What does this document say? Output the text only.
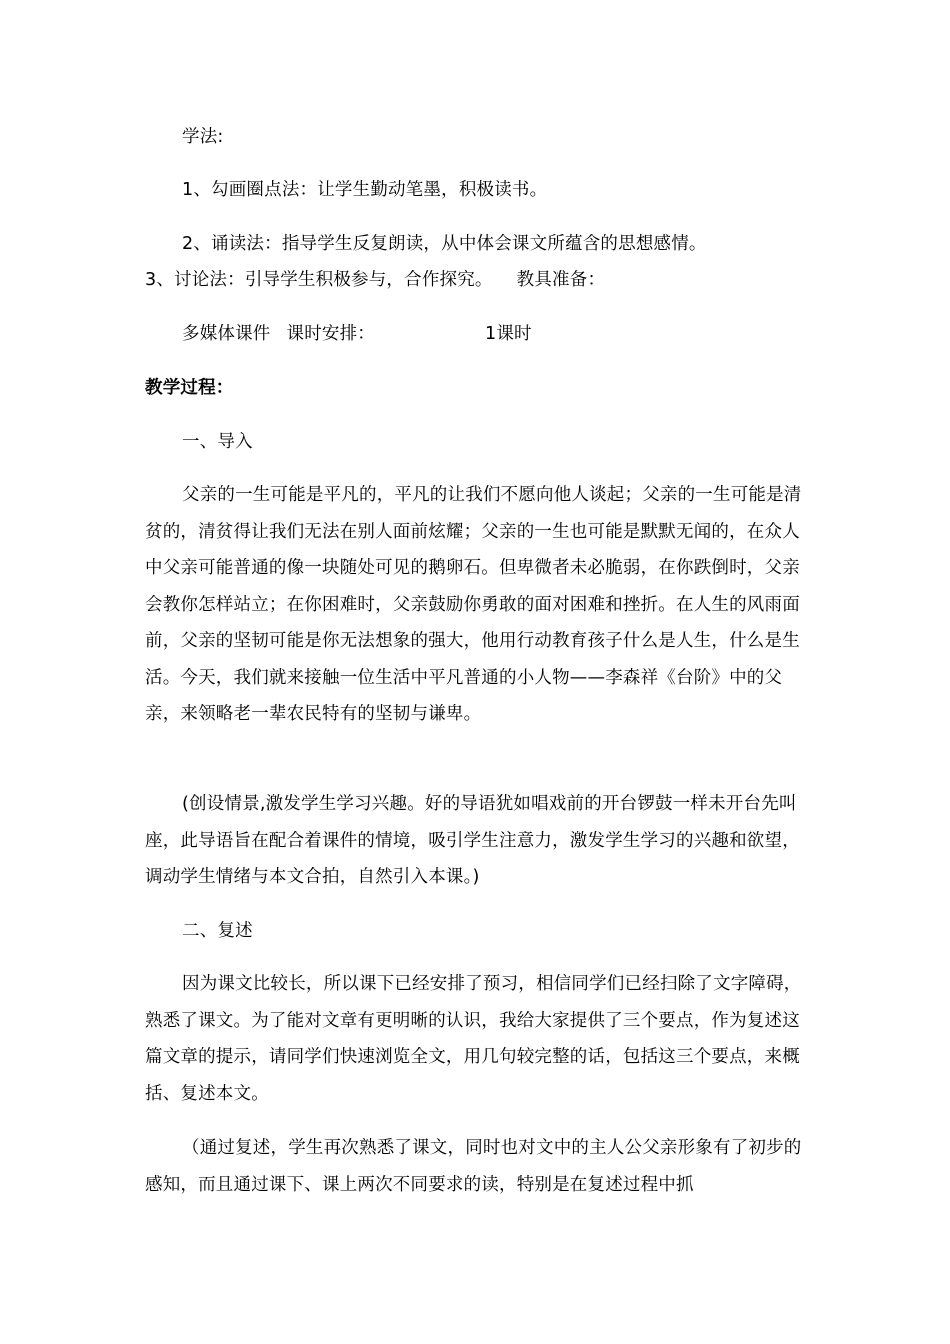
学法:

1、勾画圈点法：让学生勤动笔墨，积极读书。

2、诵读法：指导学生反复朗读，从中体会课文所蕴含的思想感情。

3、讨论法：引导学生积极参与，合作探究。 教具准备：

多媒体课件 课时安排：	1课时

教学过程：

一、导入

父亲的一生可能是平凡的，平凡的让我们不愿向他人谈起；父亲的一生可能是清贫的，清贫得让我们无法在别人面前炫耀；父亲的一生也可能是默默无闻的，在众人中父亲可能普通的像一块随处可见的鹅卵石。但卑微者未必脆弱，在你跌倒时，父亲会教你怎样站立；在你困难时，父亲鼓励你勇敢的面对困难和挫折。在人生的风雨面前，父亲的坚韧可能是你无法想象的强大，他用行动教育孩子什么是人生，什么是生活。今天，我们就来接触一位生活中平凡普通的小人物——李森祥《台阶》中的父亲，来领略老一辈农民特有的坚韧与谦卑。

(创设情景,激发学生学习兴趣。好的导语犹如唱戏前的开台锣鼓一样未开台先叫座，此导语旨在配合着课件的情境，吸引学生注意力，激发学生学习的兴趣和欲望，调动学生情绪与本文合拍，自然引入本课。)

二、复述

因为课文比较长，所以课下已经安排了预习，相信同学们已经扫除了文字障碍，熟悉了课文。为了能对文章有更明晰的认识，我给大家提供了三个要点，作为复述这篇文章的提示，请同学们快速浏览全文，用几句较完整的话，包括这三个要点，来概括、复述本文。

（通过复述，学生再次熟悉了课文，同时也对文中的主人公父亲形象有了初步的感知，而且通过课下、课上两次不同要求的读，特别是在复述过程中抓
